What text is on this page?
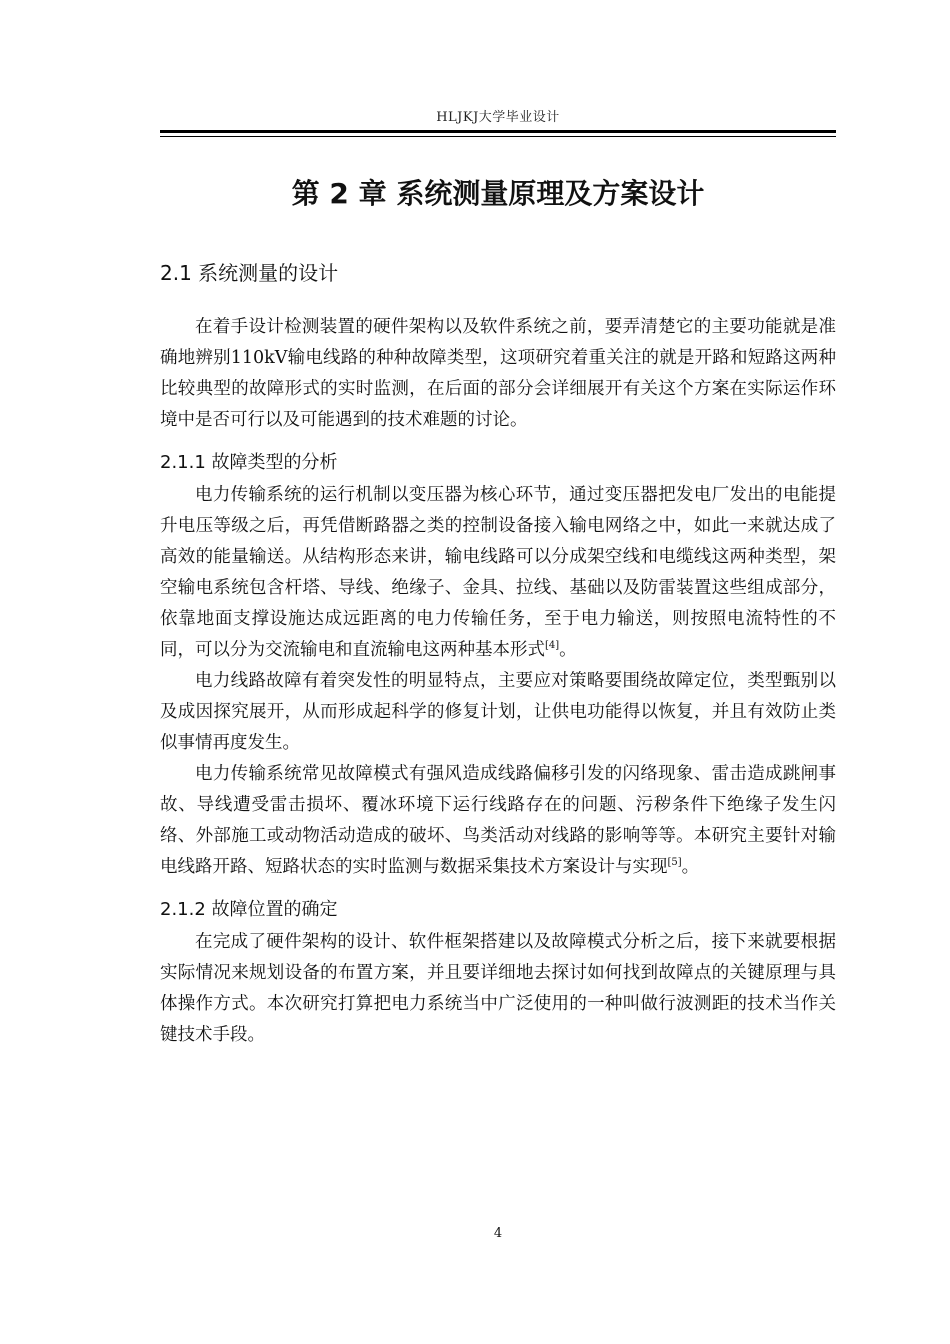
HLJKJ大学毕业设计
第 2 章 系统测量原理及方案设计
2.1 系统测量的设计

在着手设计检测装置的硬件架构以及软件系统之前，要弄清楚它的主要功能就是准确地辨别110kV输电线路的种种故障类型，这项研究着重关注的就是开路和短路这两种比较典型的故障形式的实时监测，在后面的部分会详细展开有关这个方案在实际运作环境中是否可行以及可能遇到的技术难题的讨论。

2.1.1 故障类型的分析

电力传输系统的运行机制以变压器为核心环节，通过变压器把发电厂发出的电能提升电压等级之后，再凭借断路器之类的控制设备接入输电网络之中，如此一来就达成了高效的能量输送。从结构形态来讲，输电线路可以分成架空线和电缆线这两种类型，架空输电系统包含杆塔、导线、绝缘子、金具、拉线、基础以及防雷装置这些组成部分，依靠地面支撑设施达成远距离的电力传输任务，至于电力输送，则按照电流特性的不同，可以分为交流输电和直流输电这两种基本形式[4]。

电力线路故障有着突发性的明显特点，主要应对策略要围绕故障定位，类型甄别以及成因探究展开，从而形成起科学的修复计划，让供电功能得以恢复，并且有效防止类似事情再度发生。

电力传输系统常见故障模式有强风造成线路偏移引发的闪络现象、雷击造成跳闸事故、导线遭受雷击损坏、覆冰环境下运行线路存在的问题、污秽条件下绝缘子发生闪络、外部施工或动物活动造成的破坏、鸟类活动对线路的影响等等。本研究主要针对输电线路开路、短路状态的实时监测与数据采集技术方案设计与实现[5]。

2.1.2 故障位置的确定

在完成了硬件架构的设计、软件框架搭建以及故障模式分析之后，接下来就要根据实际情况来规划设备的布置方案，并且要详细地去探讨如何找到故障点的关键原理与具体操作方式。本次研究打算把电力系统当中广泛使用的一种叫做行波测距的技术当作关键技术手段。

4
